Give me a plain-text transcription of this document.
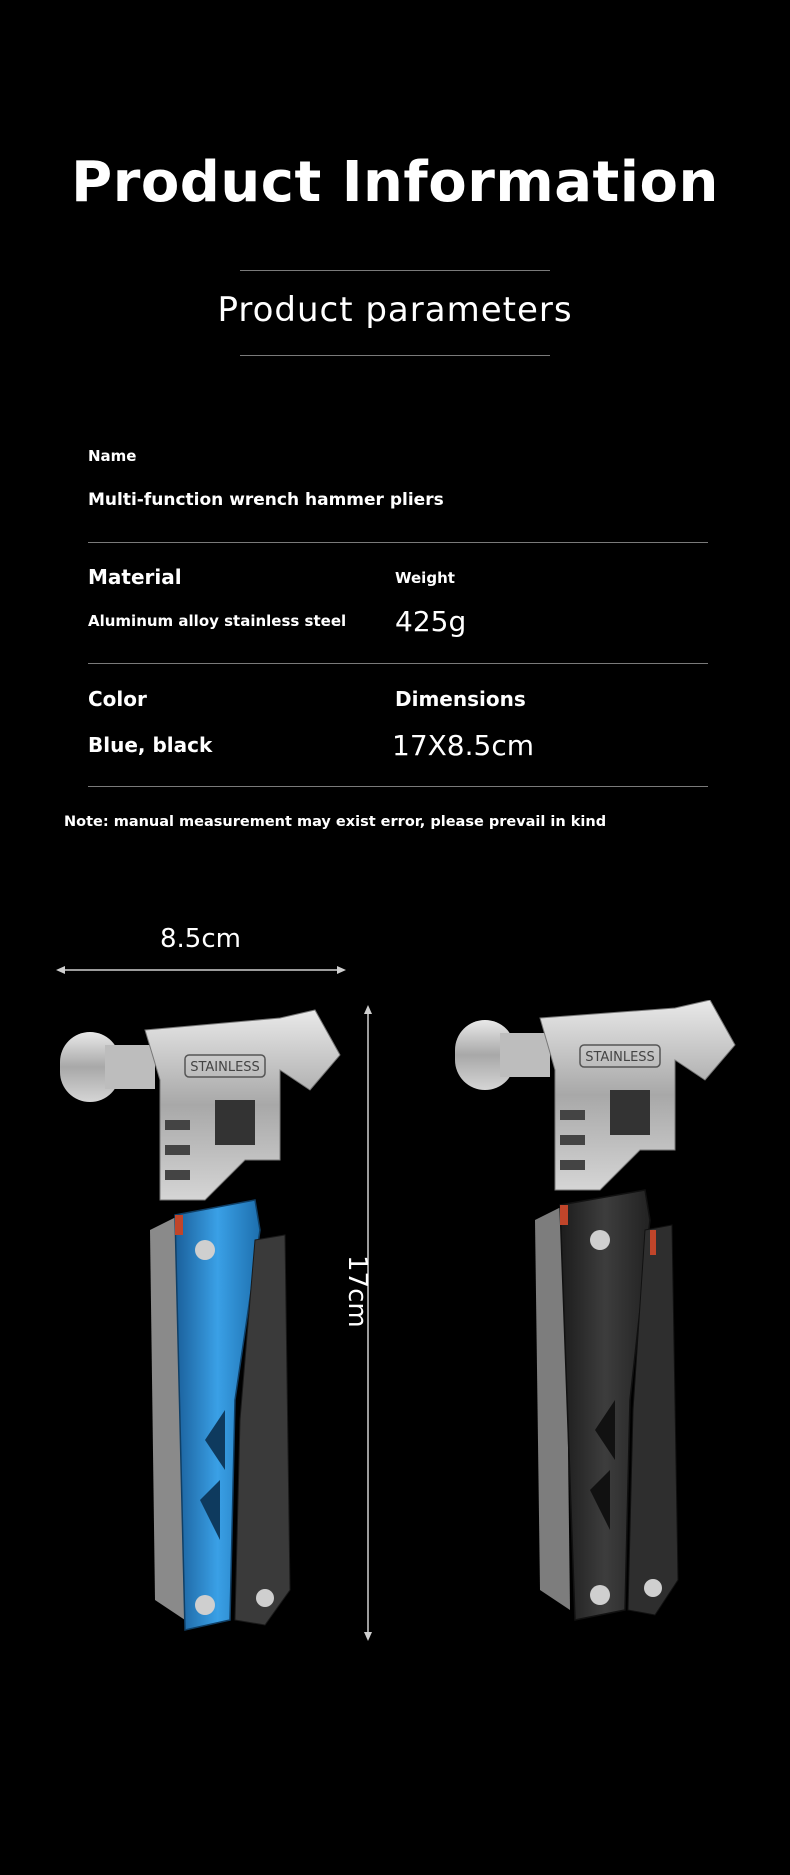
Product Information
Product parameters
Name
Multi-function wrench hammer pliers
Material
Aluminum alloy stainless steel
Weight
425g
Color
Blue, black
Dimensions
17X8.5cm
Note: manual measurement may exist error, please prevail in kind
8.5cm
17cm
STAINLESS
STAINLESS
